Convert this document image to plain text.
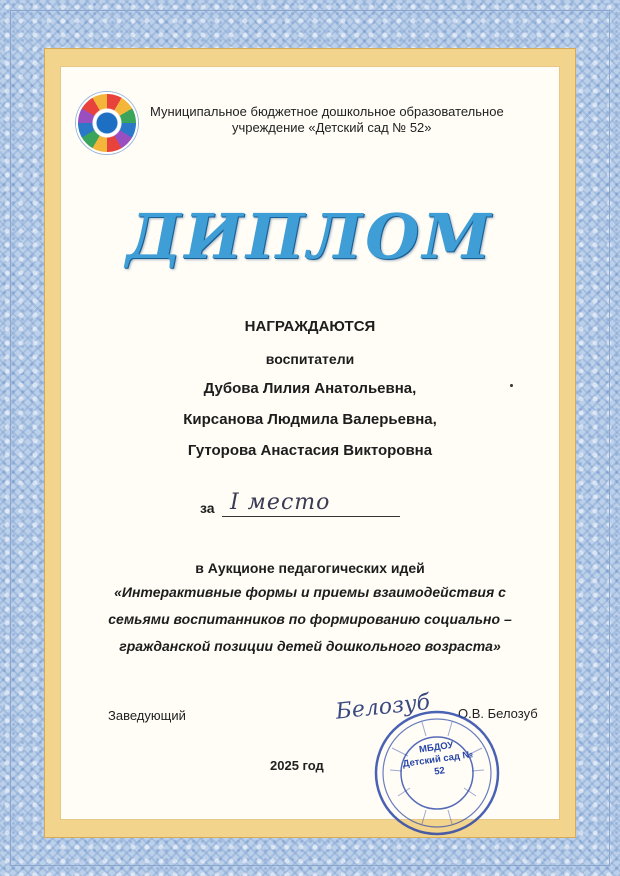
Муниципальное бюджетное дошкольное образовательное
учреждение «Детский сад № 52»
ДИПЛОМ
НАГРАЖДАЮТСЯ
воспитатели
Дубова Лилия Анатольевна,
Кирсанова Людмила Валерьевна,
Гуторова Анастасия Викторовна
за I место
в Аукционе педагогических идей
«Интерактивные формы и приемы взаимодействия с
семьями воспитанников по формированию социально –
гражданской позиции детей дошкольного возраста»
Заведующий	Белозуб	О.В. Белозуб
2025 год
МБДОУ Детский сад № 52
